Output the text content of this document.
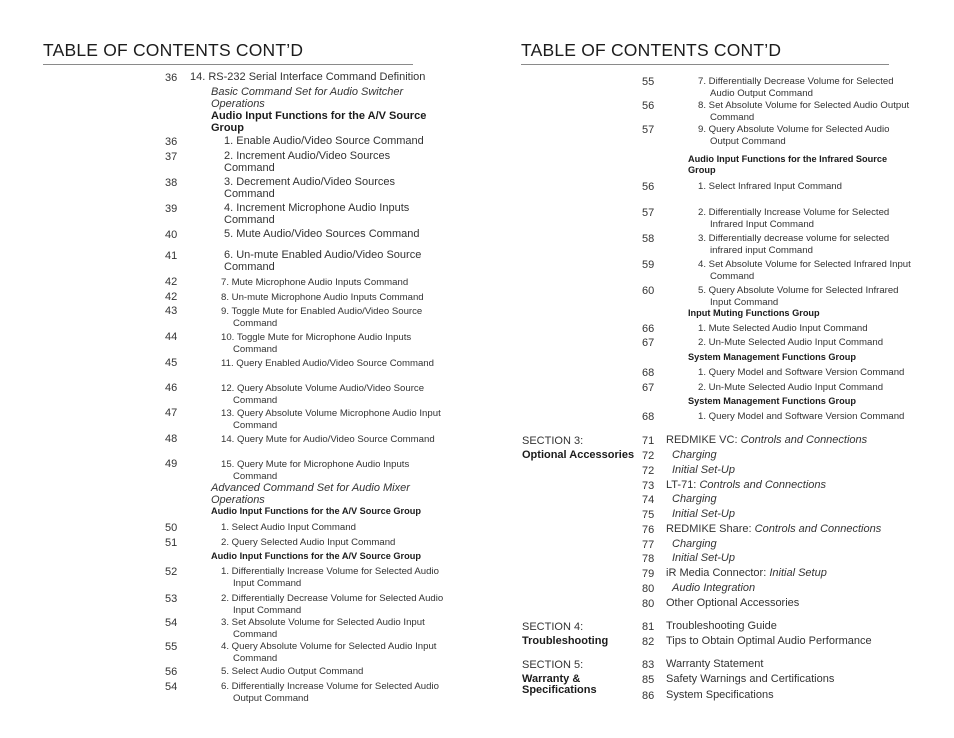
TABLE OF CONTENTS CONT’D	TABLE OF CONTENTS CONT’D
36 14. RS-232 Serial Interface Command Definition
Basic Command Set for Audio Switcher Operations
Audio Input Functions for the A/V Source Group
36	1. Enable Audio/Video Source Command
37	2. Increment Audio/Video Sources Command
38	3. Decrement Audio/Video Sources Command
39	4. Increment Microphone Audio Inputs Command
40	5. Mute Audio/Video Sources Command
41	6. Un-mute Enabled Audio/Video Source Command
42	7. Mute Microphone Audio Inputs Command
42	8. Un-mute Microphone Audio Inputs Command
43	9. Toggle Mute for Enabled Audio/Video Source Command
44	10. Toggle Mute for Microphone Audio Inputs Command
45	11. Query Enabled Audio/Video Source Command
46	12. Query Absolute Volume Audio/Video Source Command
47	13. Query Absolute Volume Microphone Audio Input Command
48	14. Query Mute for Audio/Video Source Command
49	15. Query Mute for Microphone Audio Inputs Command
Advanced Command Set for Audio Mixer Operations
Audio Input Functions for the A/V Source Group
50	1. Select Audio Input Command
51	2. Query Selected Audio Input Command
Audio Input Functions for the A/V Source Group
52	1. Differentially Increase Volume for Selected Audio Input Command
53	2. Differentially Decrease Volume for Selected Audio Input Command
54	3. Set Absolute Volume for Selected Audio Input Command
55	4. Query Absolute Volume for Selected Audio Input Command
56	5. Select Audio Output Command
54	6. Differentially Increase Volume for Selected Audio Output Command
55	7. Differentially Decrease Volume for Selected Audio Output Command
56	8. Set Absolute Volume for Selected Audio Output Command
57	9. Query Absolute Volume for Selected Audio Output Command
Audio Input Functions for the Infrared Source Group
56	1. Select Infrared Input Command
57	2. Differentially Increase Volume for Selected Infrared Input Command
58	3. Differentially decrease volume for selected infrared input Command
59	4. Set Absolute Volume for Selected Infrared Input Command
60	5. Query Absolute Volume for Selected Infrared Input Command
Input Muting Functions Group
66	1. Mute Selected Audio Input Command
67	2. Un-Mute Selected Audio Input Command
System Management Functions Group
68	1. Query Model and Software Version Command
67	2. Un-Mute Selected Audio Input Command
System Management Functions Group
68	1. Query Model and Software Version Command
SECTION 3:
Optional Accessories
71 REDMIKE VC: Controls and Connections
72 Charging
72 Initial Set-Up
73 LT-71: Controls and Connections
74 Charging
75 Initial Set-Up
76 REDMIKE Share: Controls and Connections
77 Charging
78 Initial Set-Up
79 iR Media Connector: Initial Setup
80 Audio Integration
80 Other Optional Accessories
SECTION 4:
Troubleshooting
81 Troubleshooting Guide
82 Tips to Obtain Optimal Audio Performance
SECTION 5:
Warranty &
Specifications
83 Warranty Statement
85 Safety Warnings and Certifications
86 System Specifications
